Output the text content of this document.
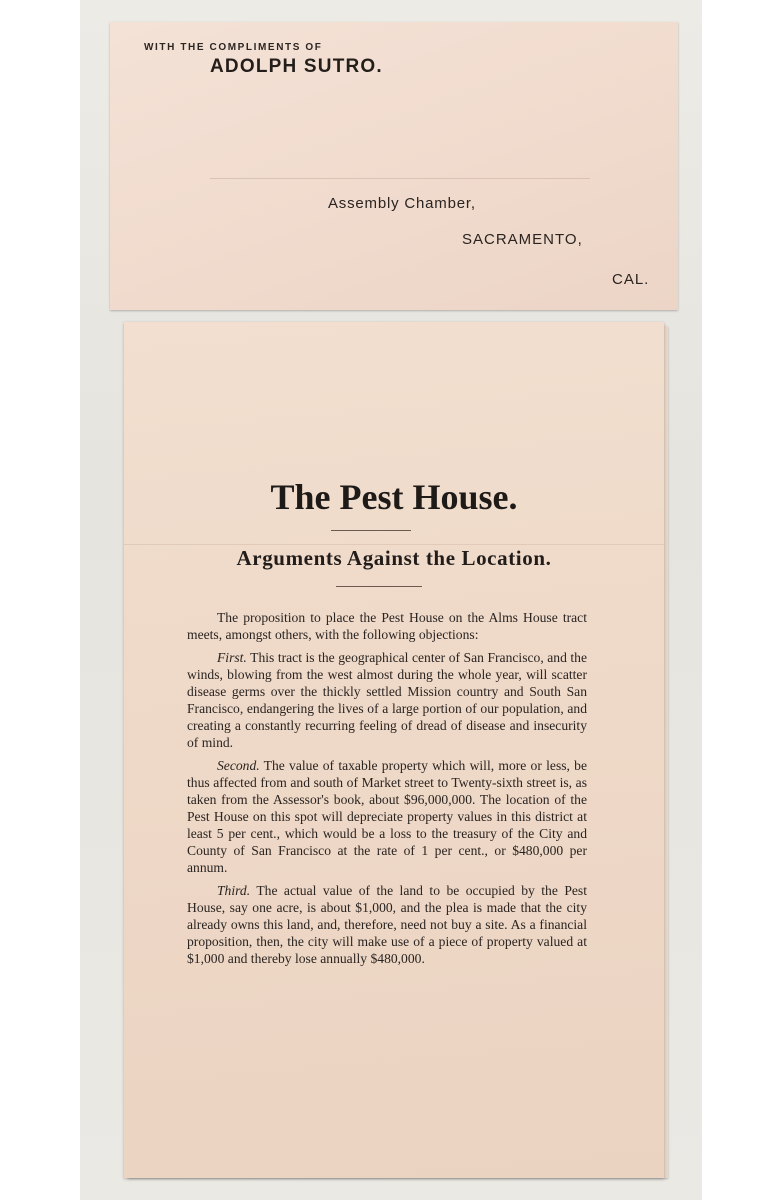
WITH THE COMPLIMENTS OF
ADOLPH SUTRO.
Assembly Chamber,
SACRAMENTO,
CAL.
The Pest House.
Arguments Against the Location.

The proposition to place the Pest House on the Alms House tract meets, amongst others, with the following objections:

First. This tract is the geographical center of San Francisco, and the winds, blowing from the west almost during the whole year, will scatter disease germs over the thickly settled Mission country and South San Francisco, endangering the lives of a large portion of our population, and creating a constantly recurring feeling of dread of disease and insecurity of mind.

Second. The value of taxable property which will, more or less, be thus affected from and south of Market street to Twenty-sixth street is, as taken from the Assessor's book, about $96,000,000. The location of the Pest House on this spot will depreciate property values in this district at least 5 per cent., which would be a loss to the treasury of the City and County of San Francisco at the rate of 1 per cent., or $480,000 per annum.

Third. The actual value of the land to be occupied by the Pest House, say one acre, is about $1,000, and the plea is made that the city already owns this land, and, therefore, need not buy a site. As a financial proposition, then, the city will make use of a piece of property valued at $1,000 and thereby lose annually $480,000.
